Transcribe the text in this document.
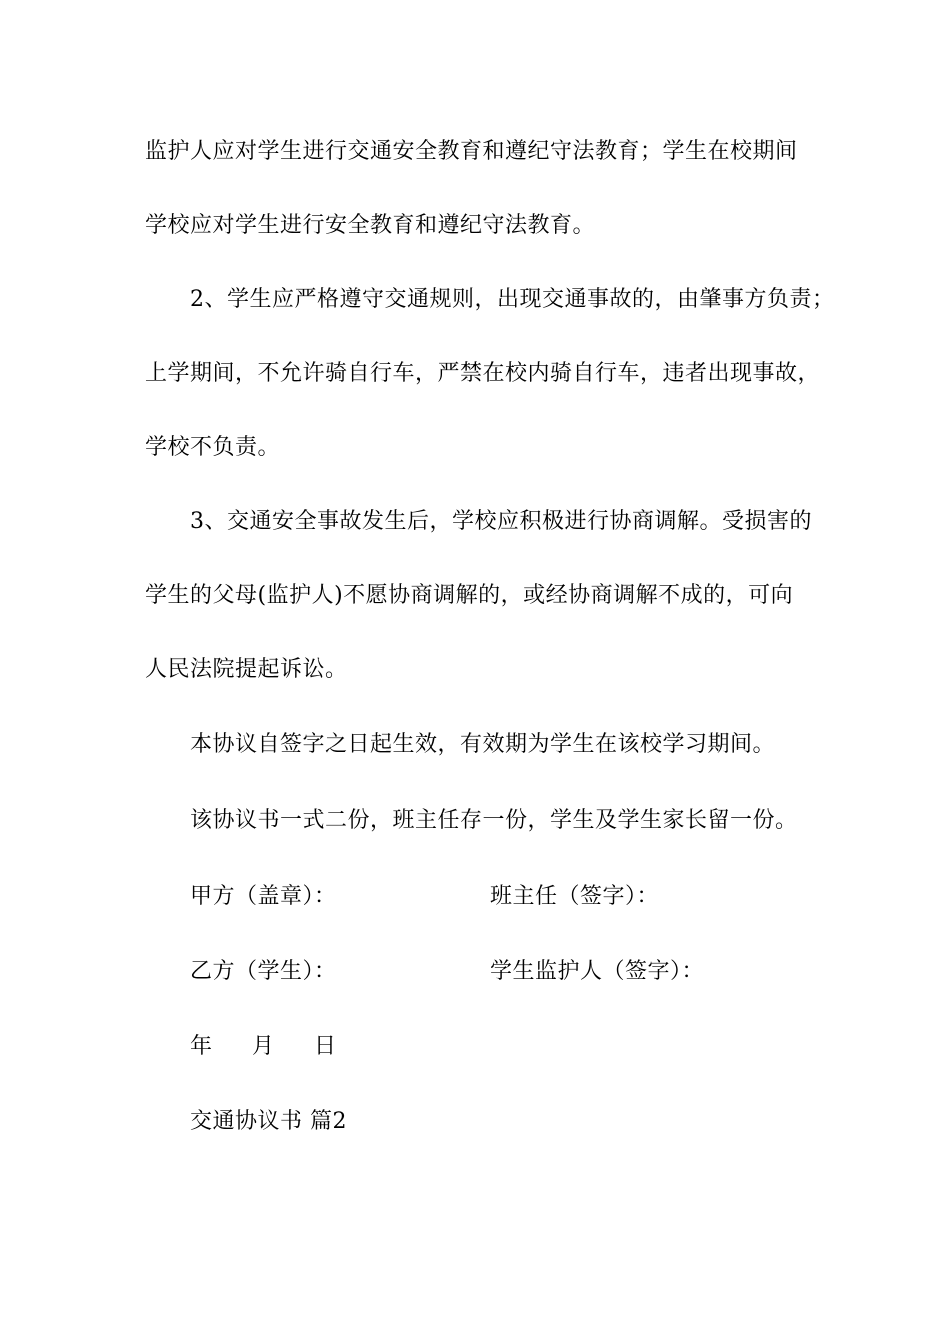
监护人应对学生进行交通安全教育和遵纪守法教育；学生在校期间
学校应对学生进行安全教育和遵纪守法教育。
2、学生应严格遵守交通规则，出现交通事故的，由肇事方负责；
上学期间，不允许骑自行车，严禁在校内骑自行车，违者出现事故，
学校不负责。
3、交通安全事故发生后，学校应积极进行协商调解。受损害的
学生的父母(监护人)不愿协商调解的，或经协商调解不成的，可向
人民法院提起诉讼。
本协议自签字之日起生效，有效期为学生在该校学习期间。
该协议书一式二份，班主任存一份，学生及学生家长留一份。
甲方（盖章）：	班主任（签字）：
乙方（学生）：	学生监护人（签字）：
年 月 日
交通协议书 篇2
